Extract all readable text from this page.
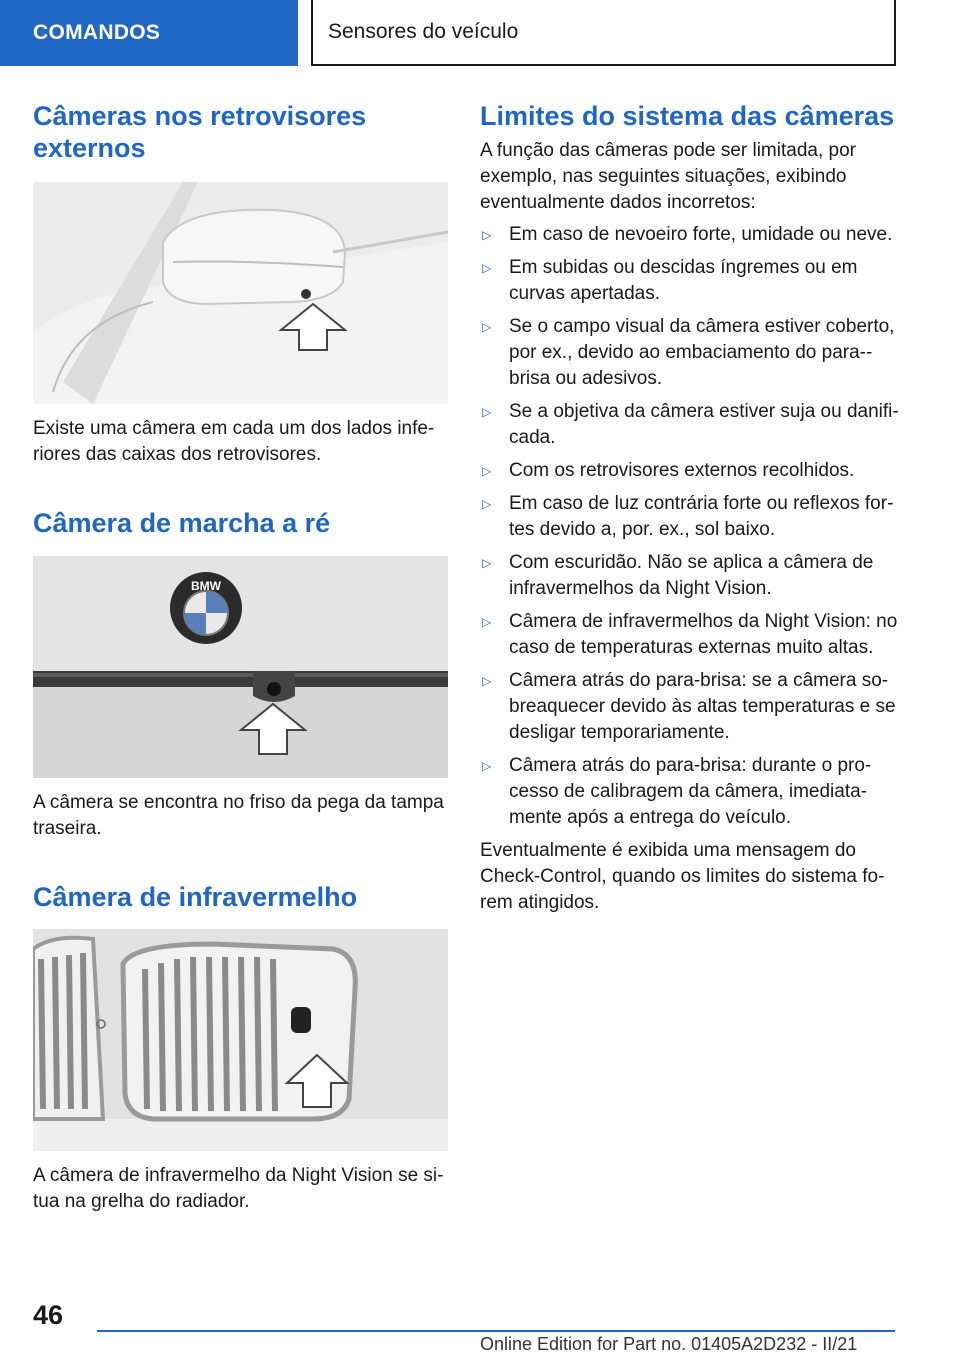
COMANDOS	Sensores do veículo
Câmeras nos retrovisores externos

Existe uma câmera em cada um dos lados inferiores das caixas dos retrovisores.

Câmera de marcha a ré
BMW

A câmera se encontra no friso da pega da tampa traseira.

Câmera de infravermelho

A câmera de infravermelho da Night Vision se situa na grelha do radiador.

Limites do sistema das câmeras

A função das câmeras pode ser limitada, por exemplo, nas seguintes situações, exibindo eventualmente dados incorretos:

▷ Em caso de nevoeiro forte, umidade ou neve.
▷ Em subidas ou descidas íngremes ou em curvas apertadas.
▷ Se o campo visual da câmera estiver coberto, por ex., devido ao embaciamento do para-brisa ou adesivos.
▷ Se a objetiva da câmera estiver suja ou danificada.
▷ Com os retrovisores externos recolhidos.
▷ Em caso de luz contrária forte ou reflexos fortes devido a, por. ex., sol baixo.
▷ Com escuridão. Não se aplica a câmera de infravermelhos da Night Vision.
▷ Câmera de infravermelhos da Night Vision: no caso de temperaturas externas muito altas.
▷ Câmera atrás do para-brisa: se a câmera sobreaquecer devido às altas temperaturas e se desligar temporariamente.
▷ Câmera atrás do para-brisa: durante o processo de calibragem da câmera, imediatamente após a entrega do veículo.

Eventualmente é exibida uma mensagem do Check-Control, quando os limites do sistema forem atingidos.

46
Online Edition for Part no. 01405A2D232 - II/21
